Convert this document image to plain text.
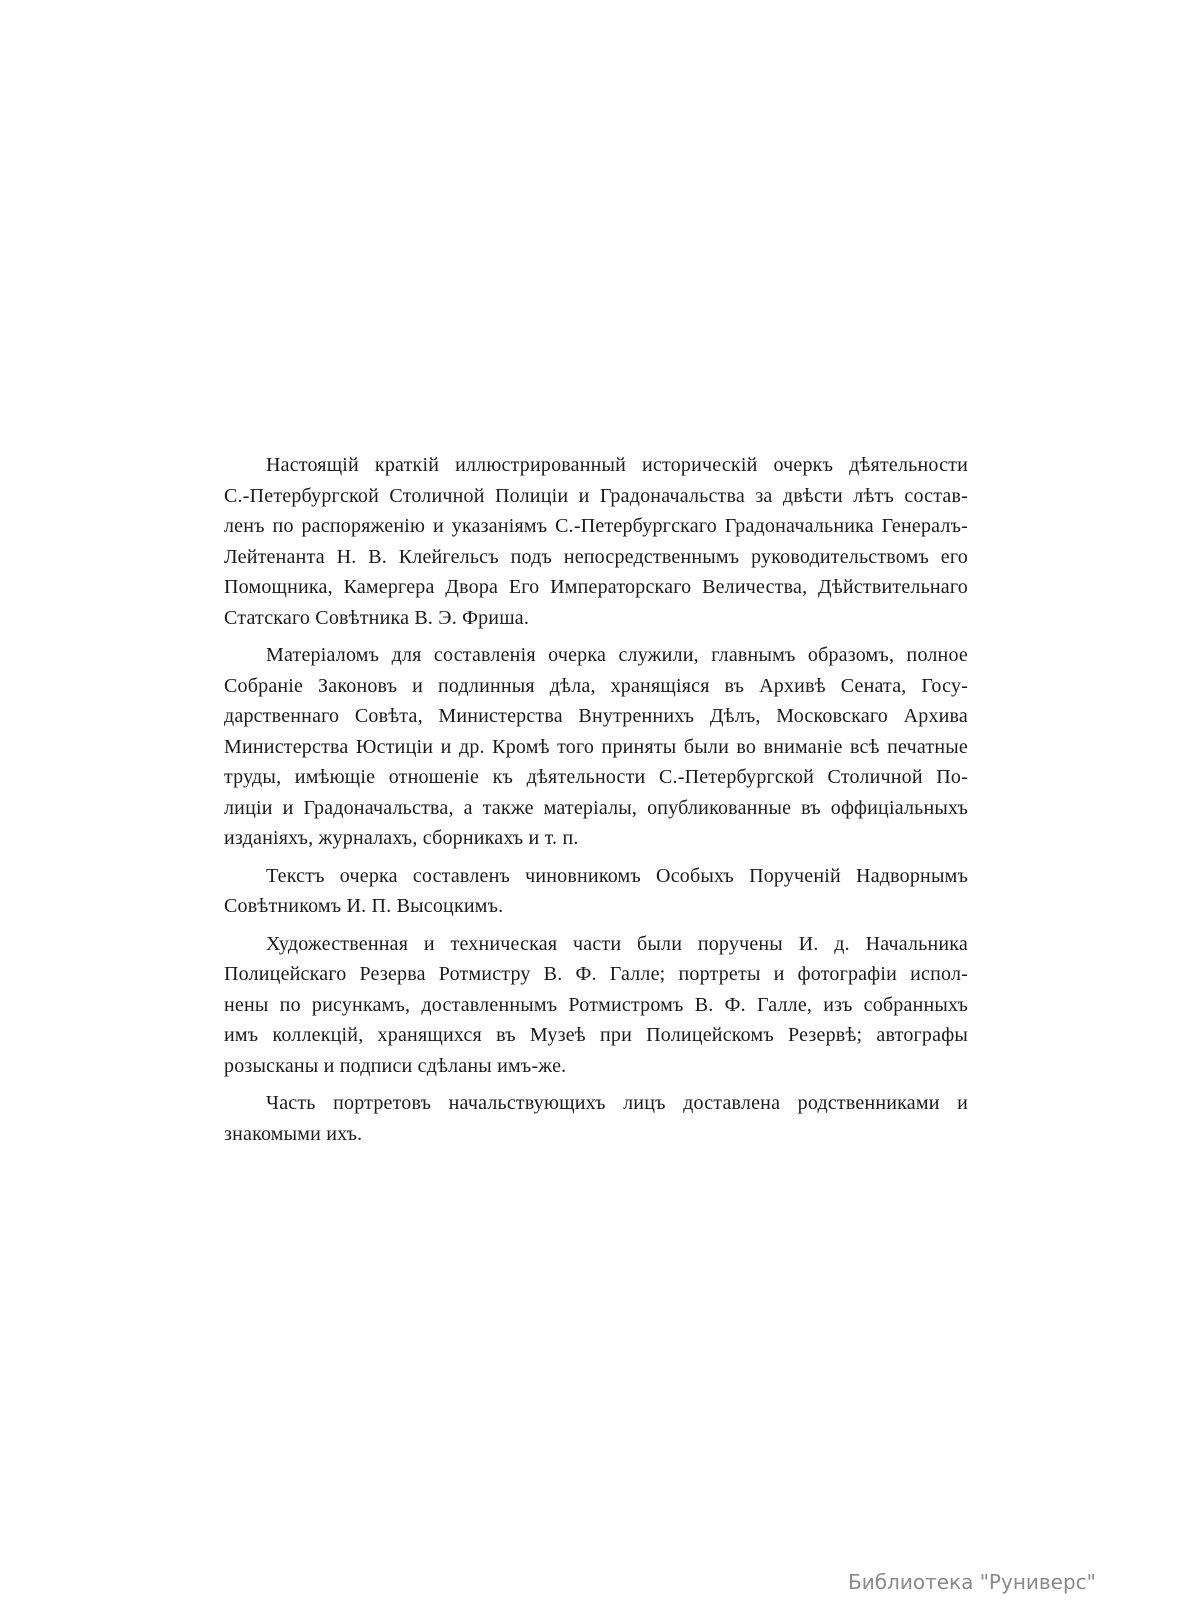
Настоящій краткій иллюстрированный историческій очеркъ дѣятельности
С.-Петербургской Столичной Полиціи и Градоначальства за двѣсти лѣтъ состав-
ленъ по распоряженію и указаніямъ С.-Петербургскаго Градоначальника Генералъ-
Лейтенанта Н. В. Клейгельсъ подъ непосредственнымъ руководительствомъ его
Помощника, Камергера Двора Его Императорскаго Величества, Дѣйствительнаго
Статскаго Совѣтника В. Э. Фриша.
Матеріаломъ для составленія очерка служили, главнымъ образомъ, полное
Собраніе Законовъ и подлинныя дѣла, хранящіяся въ Архивѣ Сената, Госу-
дарственнаго Совѣта, Министерства Внутреннихъ Дѣлъ, Московскаго Архива
Министерства Юстиціи и др. Кромѣ того приняты были во вниманіе всѣ печатные
труды, имѣющіе отношеніе къ дѣятельности С.-Петербургской Столичной По-
лиціи и Градоначальства, а также матеріалы, опубликованные въ оффиціальныхъ
изданіяхъ, журналахъ, сборникахъ и т. п.
Текстъ очерка составленъ чиновникомъ Особыхъ Порученій Надворнымъ
Совѣтникомъ И. П. Высоцкимъ.
Художественная и техническая части были поручены И. д. Начальника
Полицейскаго Резерва Ротмистру В. Ф. Галле; портреты и фотографіи испол-
нены по рисункамъ, доставленнымъ Ротмистромъ В. Ф. Галле, изъ собранныхъ
имъ коллекцій, хранящихся въ Музеѣ при Полицейскомъ Резервѣ; автографы
розысканы и подписи сдѣланы имъ-же.
Часть портретовъ начальствующихъ лицъ доставлена родственниками и
знакомыми ихъ.
Библиотека "Руниверс"
